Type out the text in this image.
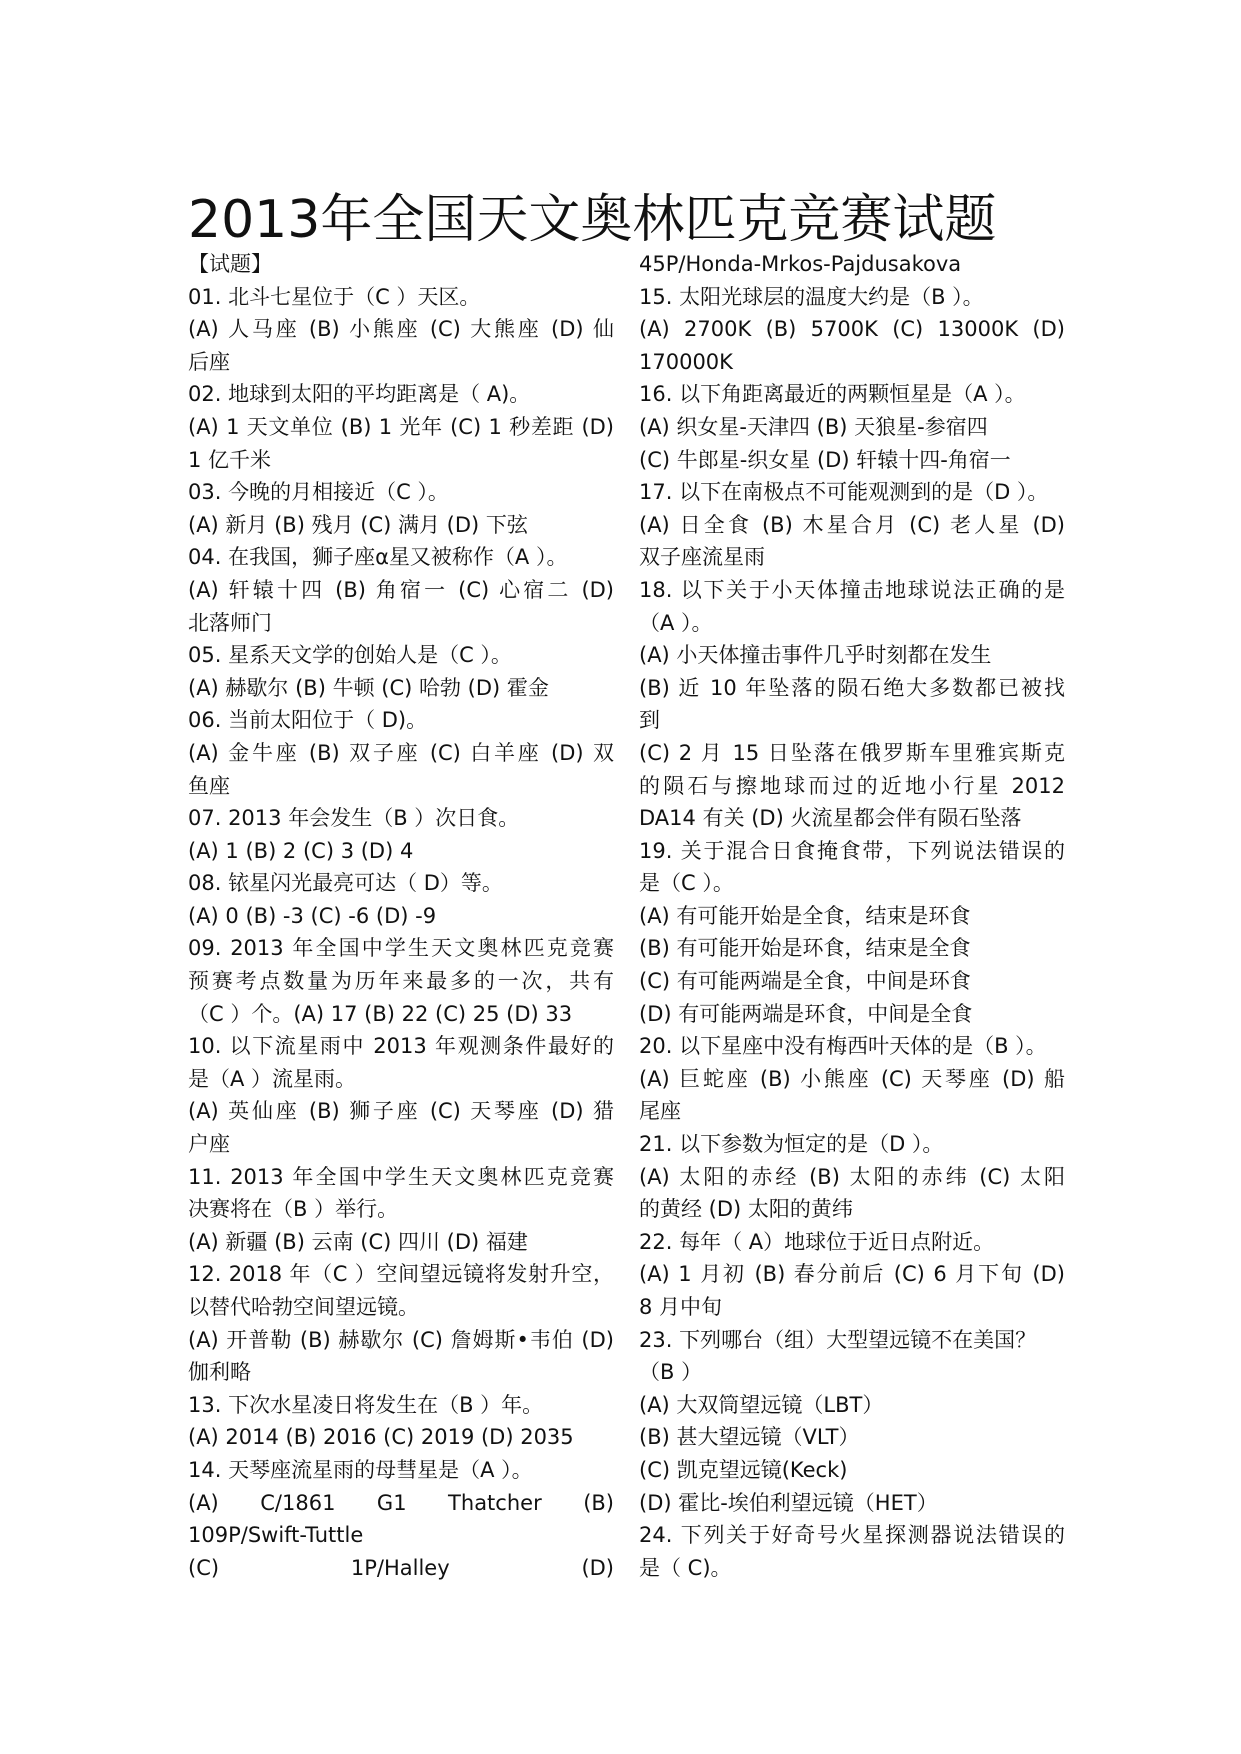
2013年全国天文奥林匹克竞赛试题
【试题】
01. 北斗七星位于（C ）天区。
(A) 人马座 (B) 小熊座 (C) 大熊座 (D) 仙
后座
02. 地球到太阳的平均距离是（ A)。
(A) 1 天文单位 (B) 1 光年 (C) 1 秒差距 (D)
1 亿千米
03. 今晚的月相接近（C ）。
(A) 新月 (B) 残月 (C) 满月 (D) 下弦
04. 在我国，狮子座α星又被称作（A ）。
(A) 轩辕十四 (B) 角宿一 (C) 心宿二 (D)
北落师门
05. 星系天文学的创始人是（C ）。
(A) 赫歇尔 (B) 牛顿 (C) 哈勃 (D) 霍金
06. 当前太阳位于（ D)。
(A) 金牛座 (B) 双子座 (C) 白羊座 (D) 双
鱼座
07. 2013 年会发生（B ）次日食。
(A) 1 (B) 2 (C) 3 (D) 4
08. 铱星闪光最亮可达（ D）等。
(A) 0 (B) -3 (C) -6 (D) -9
09. 2013 年全国中学生天文奥林匹克竞赛
预赛考点数量为历年来最多的一次，共有
（C ）个。(A) 17 (B) 22 (C) 25 (D) 33
10. 以下流星雨中 2013 年观测条件最好的
是（A ）流星雨。
(A) 英仙座 (B) 狮子座 (C) 天琴座 (D) 猎
户座
11. 2013 年全国中学生天文奥林匹克竞赛
决赛将在（B ）举行。
(A) 新疆 (B) 云南 (C) 四川 (D) 福建
12. 2018 年（C ）空间望远镜将发射升空，
以替代哈勃空间望远镜。
(A) 开普勒 (B) 赫歇尔 (C) 詹姆斯•韦伯 (D)
伽利略
13. 下次水星凌日将发生在（B ）年。
(A) 2014 (B) 2016 (C) 2019 (D) 2035
14. 天琴座流星雨的母彗星是（A ）。
(A) C/1861 G1 Thatcher (B)
109P/Swift-Tuttle
(C) 1P/Halley (D)
45P/Honda-Mrkos-Pajdusakova
15. 太阳光球层的温度大约是（B ）。
(A) 2700K (B) 5700K (C) 13000K (D)
170000K
16. 以下角距离最近的两颗恒星是（A ）。
(A) 织女星-天津四 (B) 天狼星-参宿四
(C) 牛郎星-织女星 (D) 轩辕十四-角宿一
17. 以下在南极点不可能观测到的是（D ）。
(A) 日全食 (B) 木星合月 (C) 老人星 (D)
双子座流星雨
18. 以下关于小天体撞击地球说法正确的是
（A ）。
(A) 小天体撞击事件几乎时刻都在发生
(B) 近 10 年坠落的陨石绝大多数都已被找
到
(C) 2 月 15 日坠落在俄罗斯车里雅宾斯克
的陨石与擦地球而过的近地小行星 2012
DA14 有关 (D) 火流星都会伴有陨石坠落
19. 关于混合日食掩食带，下列说法错误的
是（C ）。
(A) 有可能开始是全食，结束是环食
(B) 有可能开始是环食，结束是全食
(C) 有可能两端是全食，中间是环食
(D) 有可能两端是环食，中间是全食
20. 以下星座中没有梅西叶天体的是（B ）。
(A) 巨蛇座 (B) 小熊座 (C) 天琴座 (D) 船
尾座
21. 以下参数为恒定的是（D ）。
(A) 太阳的赤经 (B) 太阳的赤纬 (C) 太阳
的黄经 (D) 太阳的黄纬
22. 每年（ A）地球位于近日点附近。
(A) 1 月初 (B) 春分前后 (C) 6 月下旬 (D)
8 月中旬
23. 下列哪台（组）大型望远镜不在美国？
（B ）
(A) 大双筒望远镜（LBT）
(B) 甚大望远镜（VLT）
(C) 凯克望远镜(Keck)
(D) 霍比-埃伯利望远镜（HET）
24. 下列关于好奇号火星探测器说法错误的
是（ C)。
